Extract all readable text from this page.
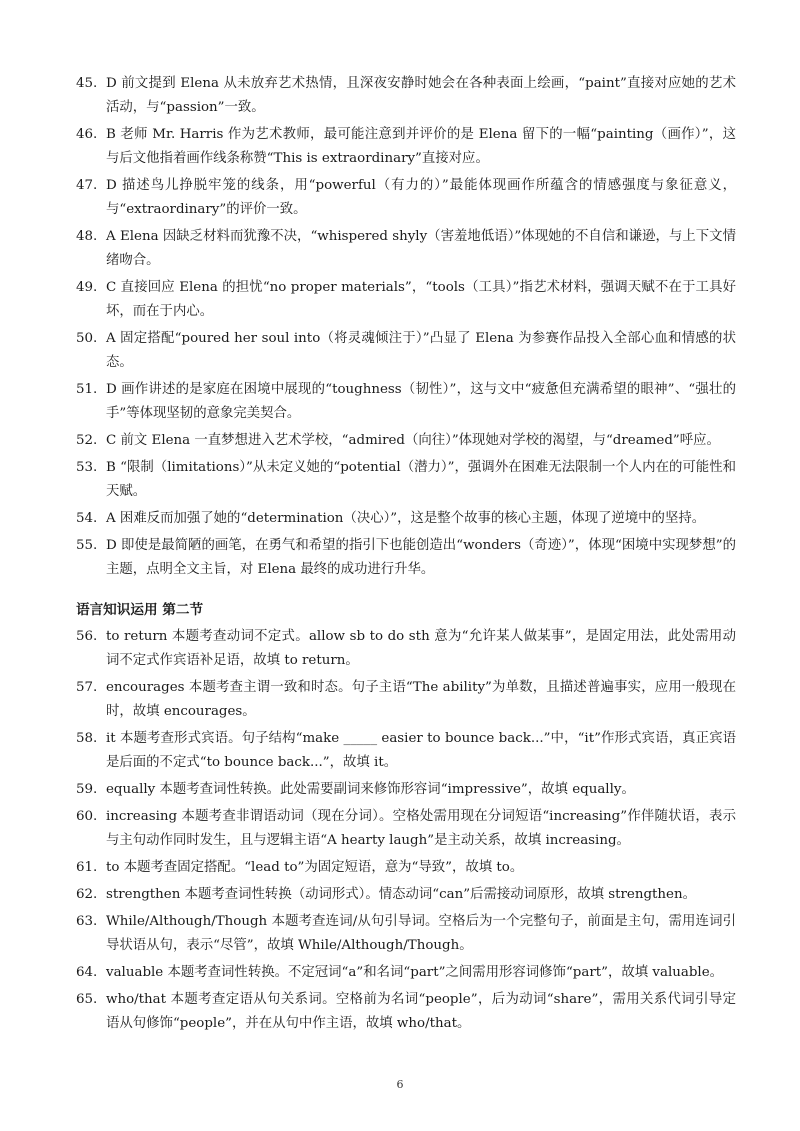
45. D 前文提到 Elena 从未放弃艺术热情，且深夜安静时她会在各种表面上绘画，“paint”直接对应她的艺术活动，与“passion”一致。
46. B 老师 Mr. Harris 作为艺术教师，最可能注意到并评价的是 Elena 留下的一幅“painting（画作）”，这与后文他指着画作线条称赞“This is extraordinary”直接对应。
47. D 描述鸟儿挣脱牢笼的线条，用“powerful（有力的）”最能体现画作所蕴含的情感强度与象征意义，与“extraordinary”的评价一致。
48. A Elena 因缺乏材料而犹豫不决，“whispered shyly（害羞地低语）”体现她的不自信和谦逊，与上下文情绪吻合。
49. C 直接回应 Elena 的担忧“no proper materials”，“tools（工具）”指艺术材料，强调天赋不在于工具好坏，而在于内心。
50. A 固定搭配“poured her soul into（将灵魂倾注于）”凸显了 Elena 为参赛作品投入全部心血和情感的状态。
51. D 画作讲述的是家庭在困境中展现的“toughness（韧性）”，这与文中“疲惫但充满希望的眼神”、“强壮的手”等体现坚韧的意象完美契合。
52. C 前文 Elena 一直梦想进入艺术学校，“admired（向往）”体现她对学校的渴望，与“dreamed”呼应。
53. B “限制（limitations）”从未定义她的“potential（潜力）”，强调外在困难无法限制一个人内在的可能性和天赋。
54. A 困难反而加强了她的“determination（决心）”，这是整个故事的核心主题，体现了逆境中的坚持。
55. D 即使是最简陋的画笔，在勇气和希望的指引下也能创造出“wonders（奇迹）”，体现“困境中实现梦想”的主题，点明全文主旨，对 Elena 最终的成功进行升华。
语言知识运用 第二节
56. to return 本题考查动词不定式。allow sb to do sth 意为“允许某人做某事”，是固定用法，此处需用动词不定式作宾语补足语，故填 to return。
57. encourages 本题考查主谓一致和时态。句子主语“The ability”为单数，且描述普遍事实，应用一般现在时，故填 encourages。
58. it 本题考查形式宾语。句子结构“make _____ easier to bounce back...”中，“it”作形式宾语，真正宾语是后面的不定式“to bounce back...”，故填 it。
59. equally 本题考查词性转换。此处需要副词来修饰形容词“impressive”，故填 equally。
60. increasing 本题考查非谓语动词（现在分词）。空格处需用现在分词短语“increasing”作伴随状语，表示与主句动作同时发生，且与逻辑主语“A hearty laugh”是主动关系，故填 increasing。
61. to 本题考查固定搭配。“lead to”为固定短语，意为“导致”，故填 to。
62. strengthen 本题考查词性转换（动词形式）。情态动词“can”后需接动词原形，故填 strengthen。
63. While/Although/Though 本题考查连词/从句引导词。空格后为一个完整句子，前面是主句，需用连词引导状语从句，表示“尽管”，故填 While/Although/Though。
64. valuable 本题考查词性转换。不定冠词“a”和名词“part”之间需用形容词修饰“part”，故填 valuable。
65. who/that 本题考查定语从句关系词。空格前为名词“people”，后为动词“share”，需用关系代词引导定语从句修饰“people”，并在从句中作主语，故填 who/that。
6
